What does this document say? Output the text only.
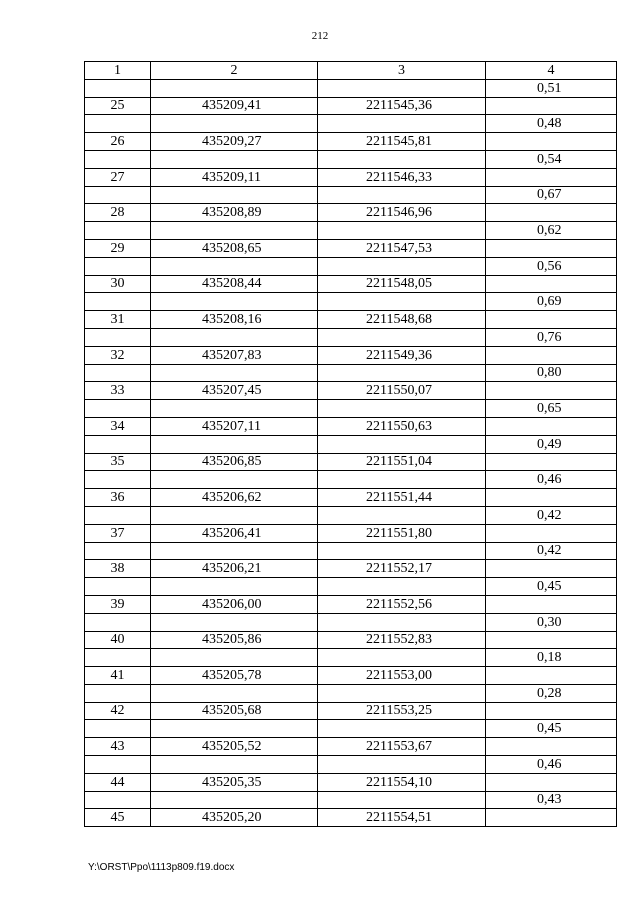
212
1	2	3	4
			0,51
25	435209,41	2211545,36	
			0,48
26	435209,27	2211545,81	
			0,54
27	435209,11	2211546,33	
			0,67
28	435208,89	2211546,96	
			0,62
29	435208,65	2211547,53	
			0,56
30	435208,44	2211548,05	
			0,69
31	435208,16	2211548,68	
			0,76
32	435207,83	2211549,36	
			0,80
33	435207,45	2211550,07	
			0,65
34	435207,11	2211550,63	
			0,49
35	435206,85	2211551,04	
			0,46
36	435206,62	2211551,44	
			0,42
37	435206,41	2211551,80	
			0,42
38	435206,21	2211552,17	
			0,45
39	435206,00	2211552,56	
			0,30
40	435205,86	2211552,83	
			0,18
41	435205,78	2211553,00	
			0,28
42	435205,68	2211553,25	
			0,45
43	435205,52	2211553,67	
			0,46
44	435205,35	2211554,10	
			0,43
45	435205,20	2211554,51	
Y:\ORST\Ppo\1113p809.f19.docx
